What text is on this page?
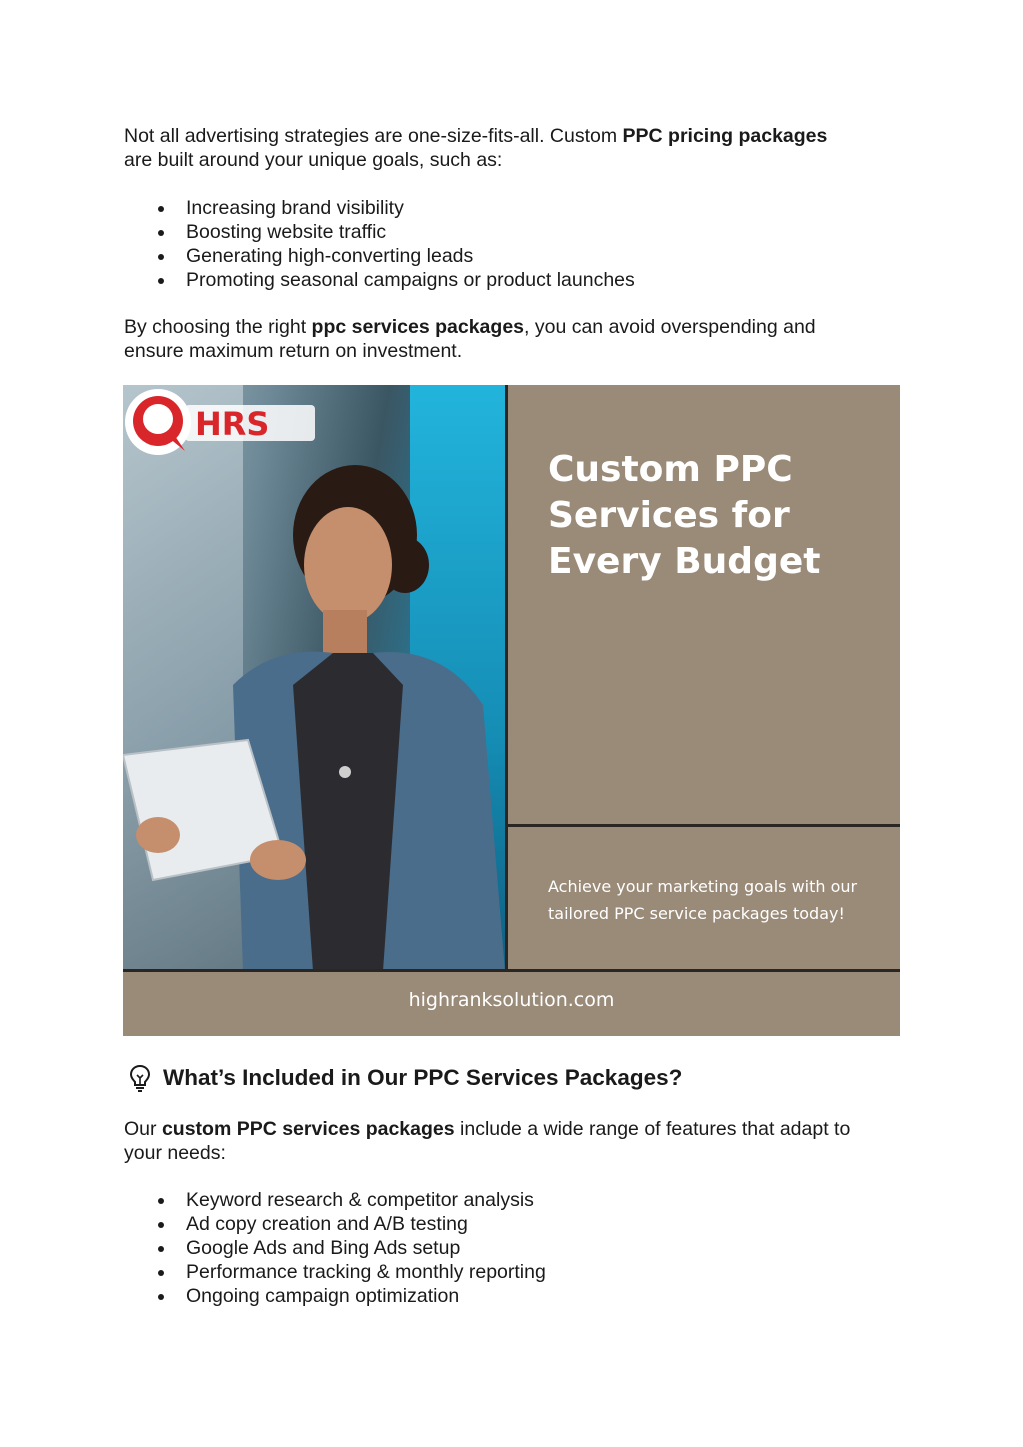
Not all advertising strategies are one-size-fits-all. Custom PPC pricing packages
are built around your unique goals, such as:

Increasing brand visibility
Boosting website traffic
Generating high-converting leads
Promoting seasonal campaigns or product launches

By choosing the right ppc services packages, you can avoid overspending and
ensure maximum return on investment.

HRS
Custom PPC
Services for
Every Budget
Achieve your marketing goals with our
tailored PPC service packages today!
highranksolution.com
What’s Included in Our PPC Services Packages?

Our custom PPC services packages include a wide range of features that adapt to
your needs:

Keyword research & competitor analysis
Ad copy creation and A/B testing
Google Ads and Bing Ads setup
Performance tracking & monthly reporting
Ongoing campaign optimization
